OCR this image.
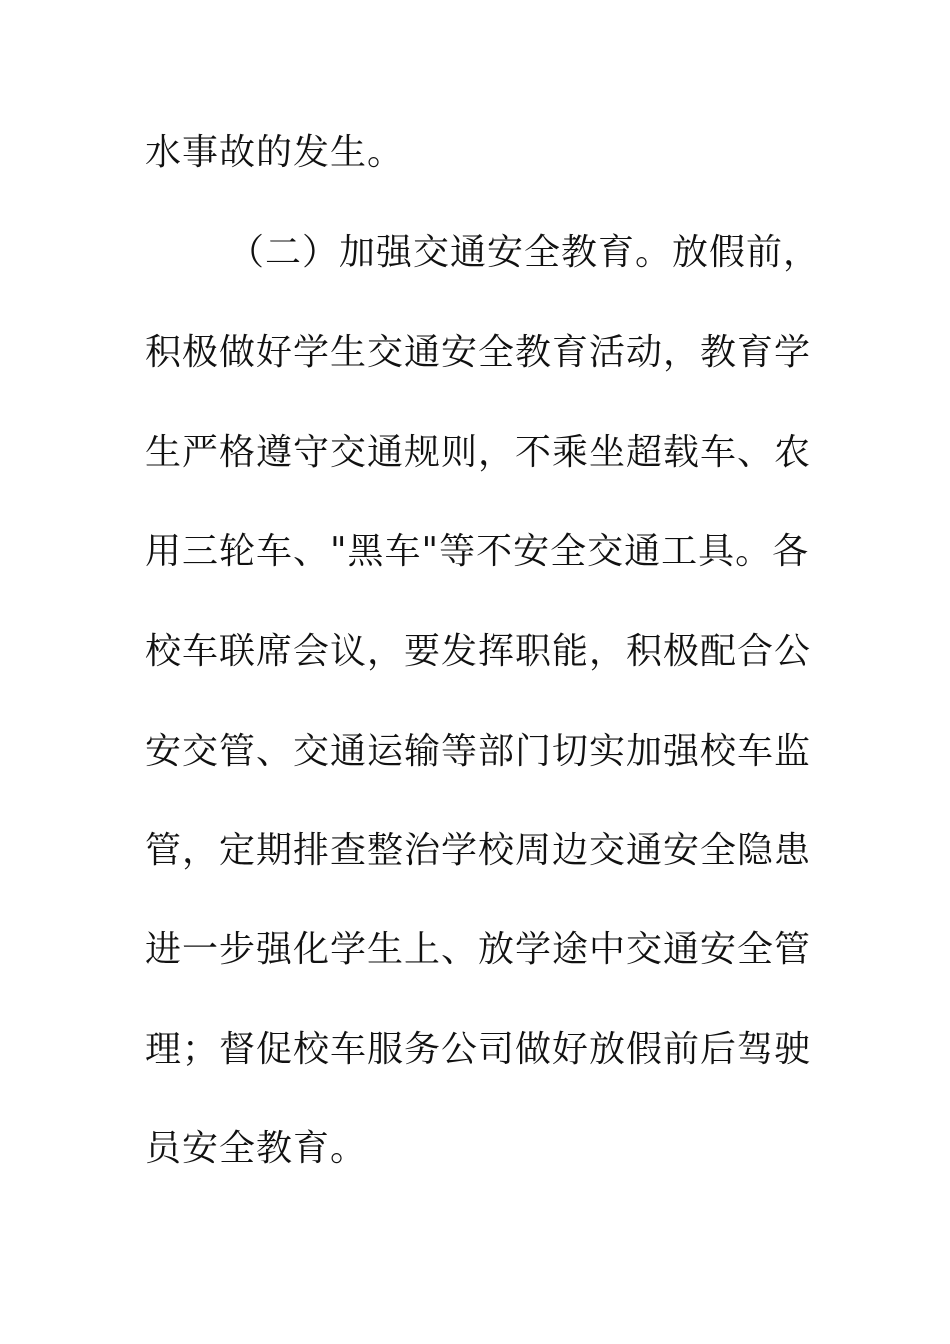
水事故的发生。
（二）加强交通安全教育。放假前，
积极做好学生交通安全教育活动，教育学
生严格遵守交通规则，不乘坐超载车、农
用三轮车、"黑车"等不安全交通工具。各
校车联席会议，要发挥职能，积极配合公
安交管、交通运输等部门切实加强校车监
管，定期排查整治学校周边交通安全隐患
进一步强化学生上、放学途中交通安全管
理；督促校车服务公司做好放假前后驾驶
员安全教育。
